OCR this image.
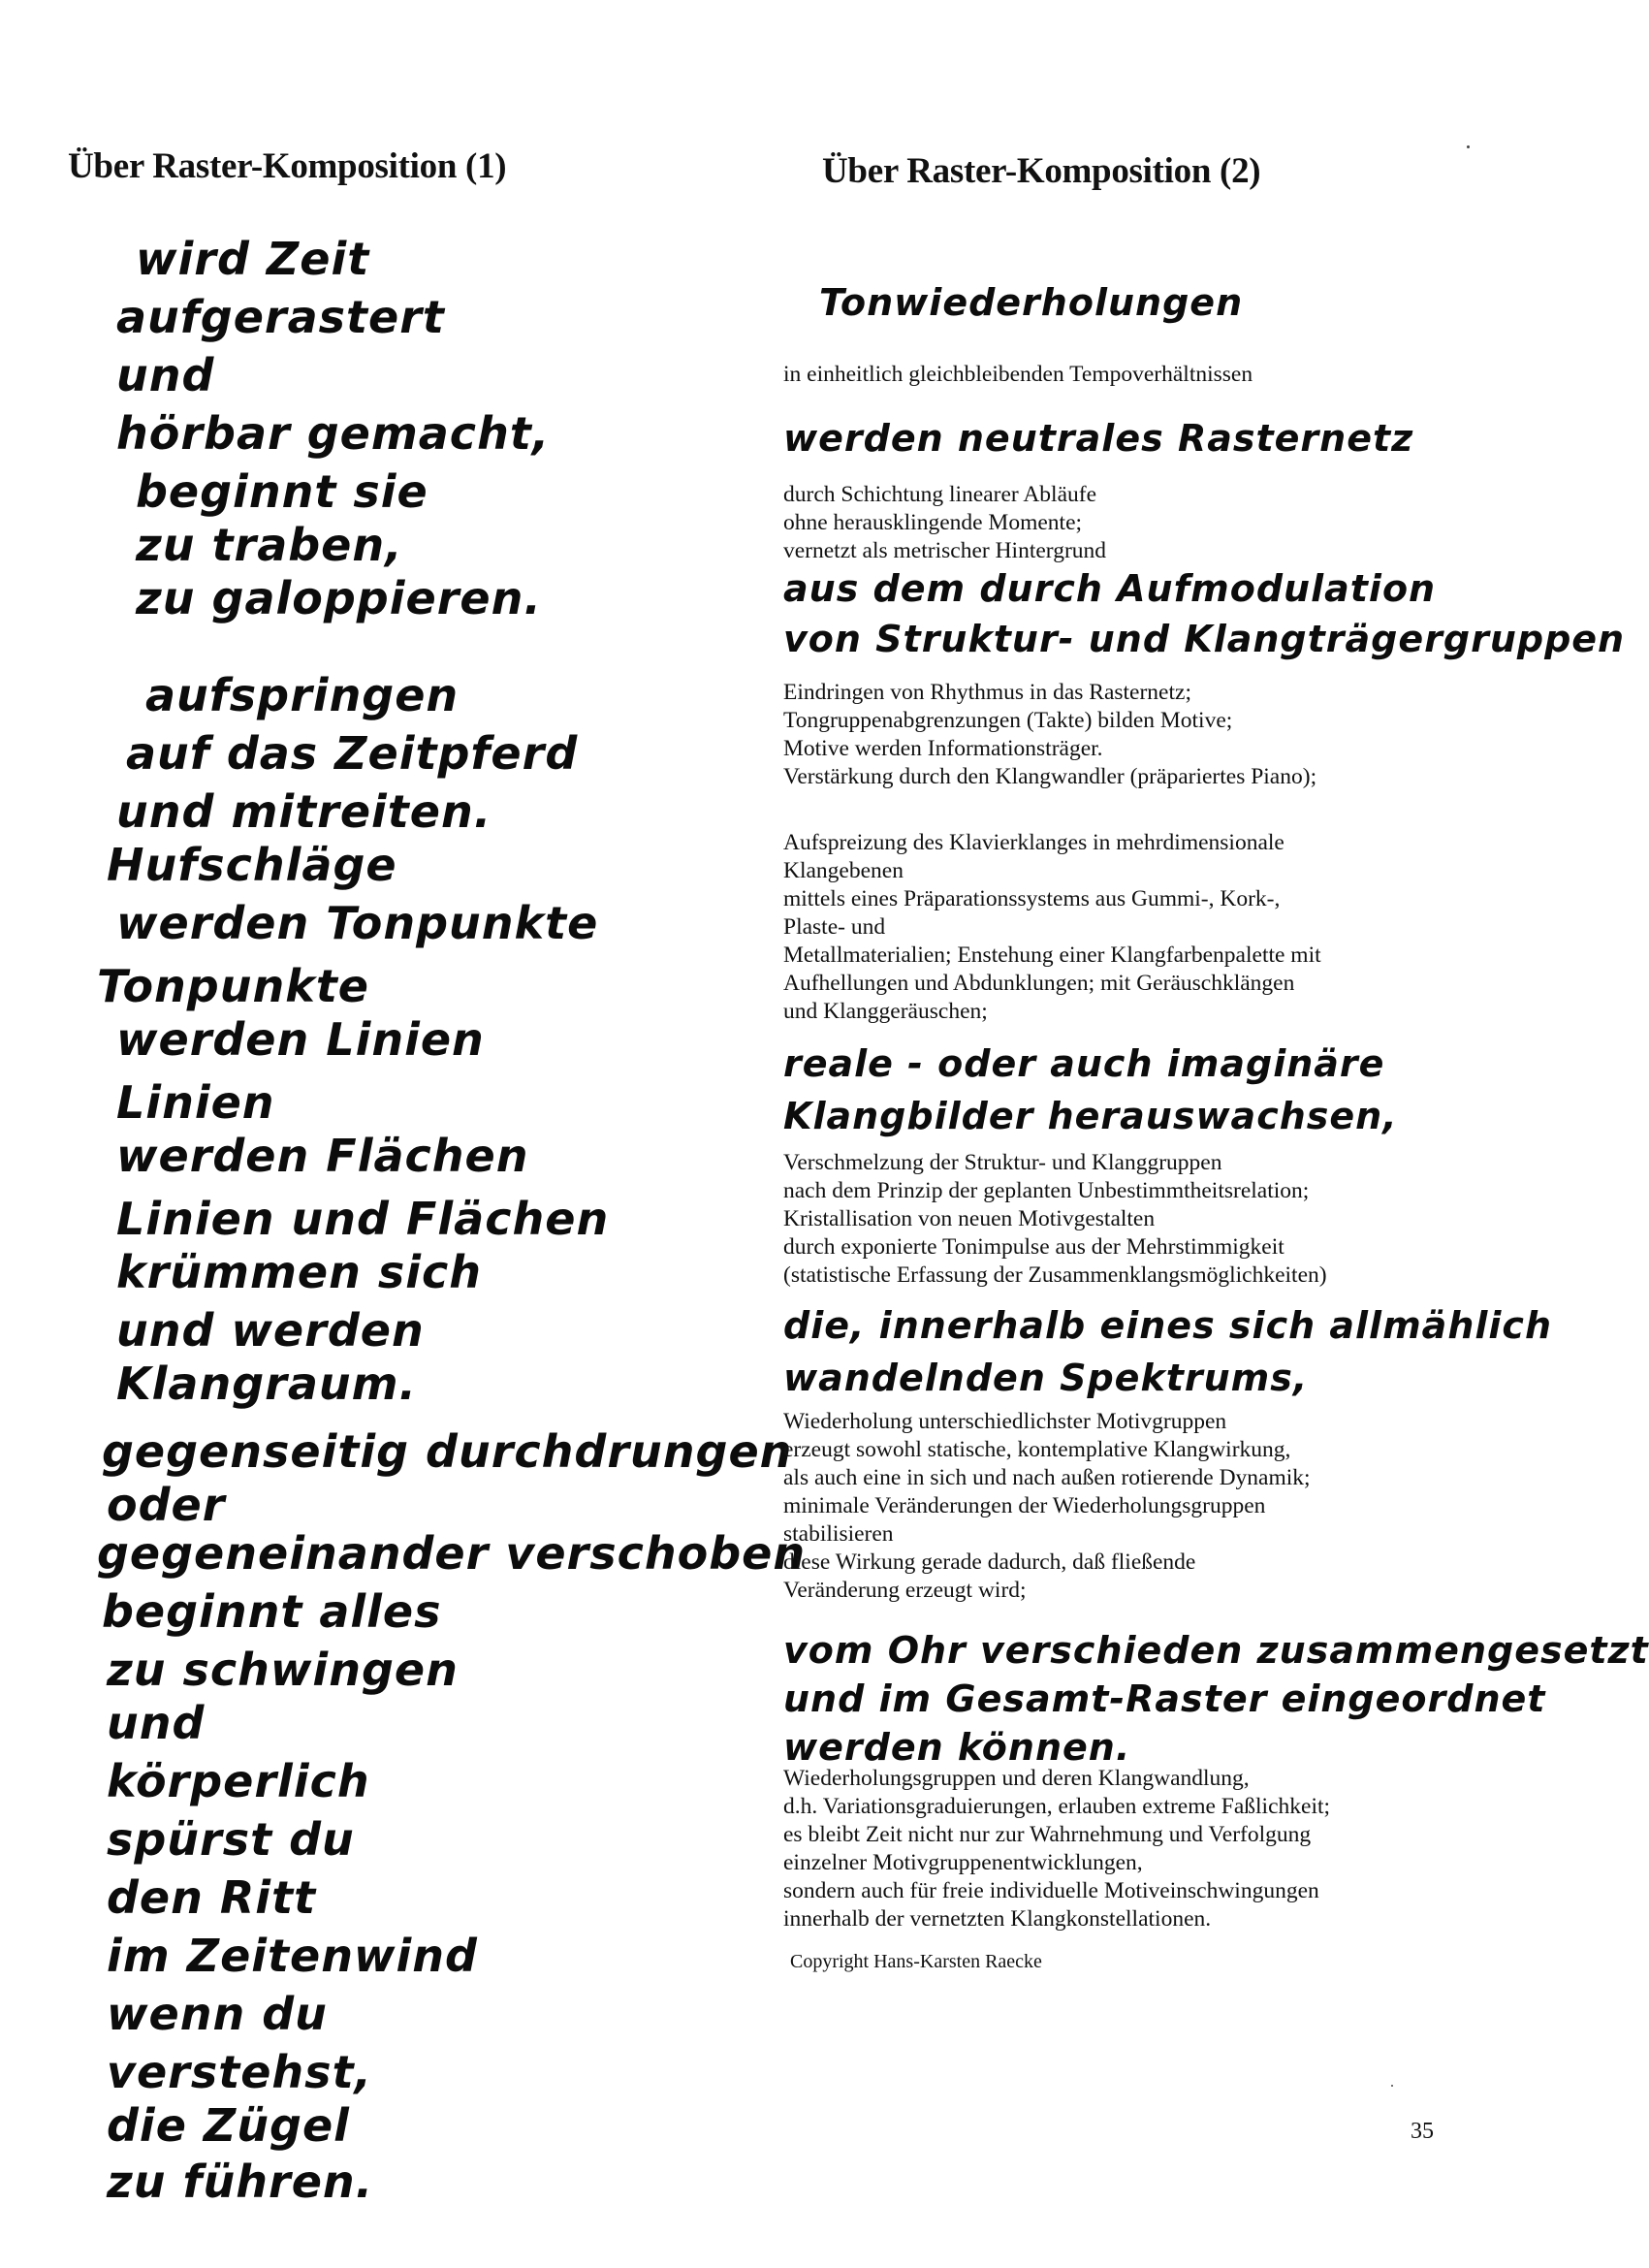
Über Raster-Komposition (1)	Über Raster-Komposition (2)
wird Zeit
aufgerastert
und
hörbar gemacht,
beginnt sie
zu traben,
zu galoppieren.
aufspringen
auf das Zeitpferd
und mitreiten.
Hufschläge
werden Tonpunkte
Tonpunkte
werden Linien
Linien
werden Flächen
Linien und Flächen
krümmen sich
und werden
Klangraum.
gegenseitig durchdrungen
oder
gegeneinander verschoben
beginnt alles
zu schwingen
und
körperlich
spürst du
den Ritt
im Zeitenwind
wenn du
verstehst,
die Zügel
zu führen.
Tonwiederholungen
in einheitlich gleichbleibenden Tempoverhältnissen
werden neutrales Rasternetz
durch Schichtung linearer Abläufe
ohne herausklingende Momente;
vernetzt als metrischer Hintergrund
aus dem durch Aufmodulation
von Struktur- und Klangträgergruppen
Eindringen von Rhythmus in das Rasternetz;
Tongruppenabgrenzungen (Takte) bilden Motive;
Motive werden Informationsträger.
Verstärkung durch den Klangwandler (präpariertes Piano);
Aufspreizung des Klavierklanges in mehrdimensionale
Klangebenen
mittels eines Präparationssystems aus Gummi-, Kork-,
Plaste- und
Metallmaterialien; Enstehung einer Klangfarbenpalette mit
Aufhellungen und Abdunklungen; mit Geräuschklängen
und Klanggeräuschen;
reale - oder auch imaginäre
Klangbilder herauswachsen,
Verschmelzung der Struktur- und Klanggruppen
nach dem Prinzip der geplanten Unbestimmtheitsrelation;
Kristallisation von neuen Motivgestalten
durch exponierte Tonimpulse aus der Mehrstimmigkeit
(statistische Erfassung der Zusammenklangsmöglichkeiten)
die, innerhalb eines sich allmählich
wandelnden Spektrums,
Wiederholung unterschiedlichster Motivgruppen
erzeugt sowohl statische, kontemplative Klangwirkung,
als auch eine in sich und nach außen rotierende Dynamik;
minimale Veränderungen der Wiederholungsgruppen
stabilisieren
diese Wirkung gerade dadurch, daß fließende
Veränderung erzeugt wird;
vom Ohr verschieden zusammengesetzt
und im Gesamt-Raster eingeordnet
werden können.
Wiederholungsgruppen und deren Klangwandlung,
d.h. Variationsgraduierungen, erlauben extreme Faßlichkeit;
es bleibt Zeit nicht nur zur Wahrnehmung und Verfolgung
einzelner Motivgruppenentwicklungen,
sondern auch für freie individuelle Motiveinschwingungen
innerhalb der vernetzten Klangkonstellationen.
Copyright Hans-Karsten Raecke
35
